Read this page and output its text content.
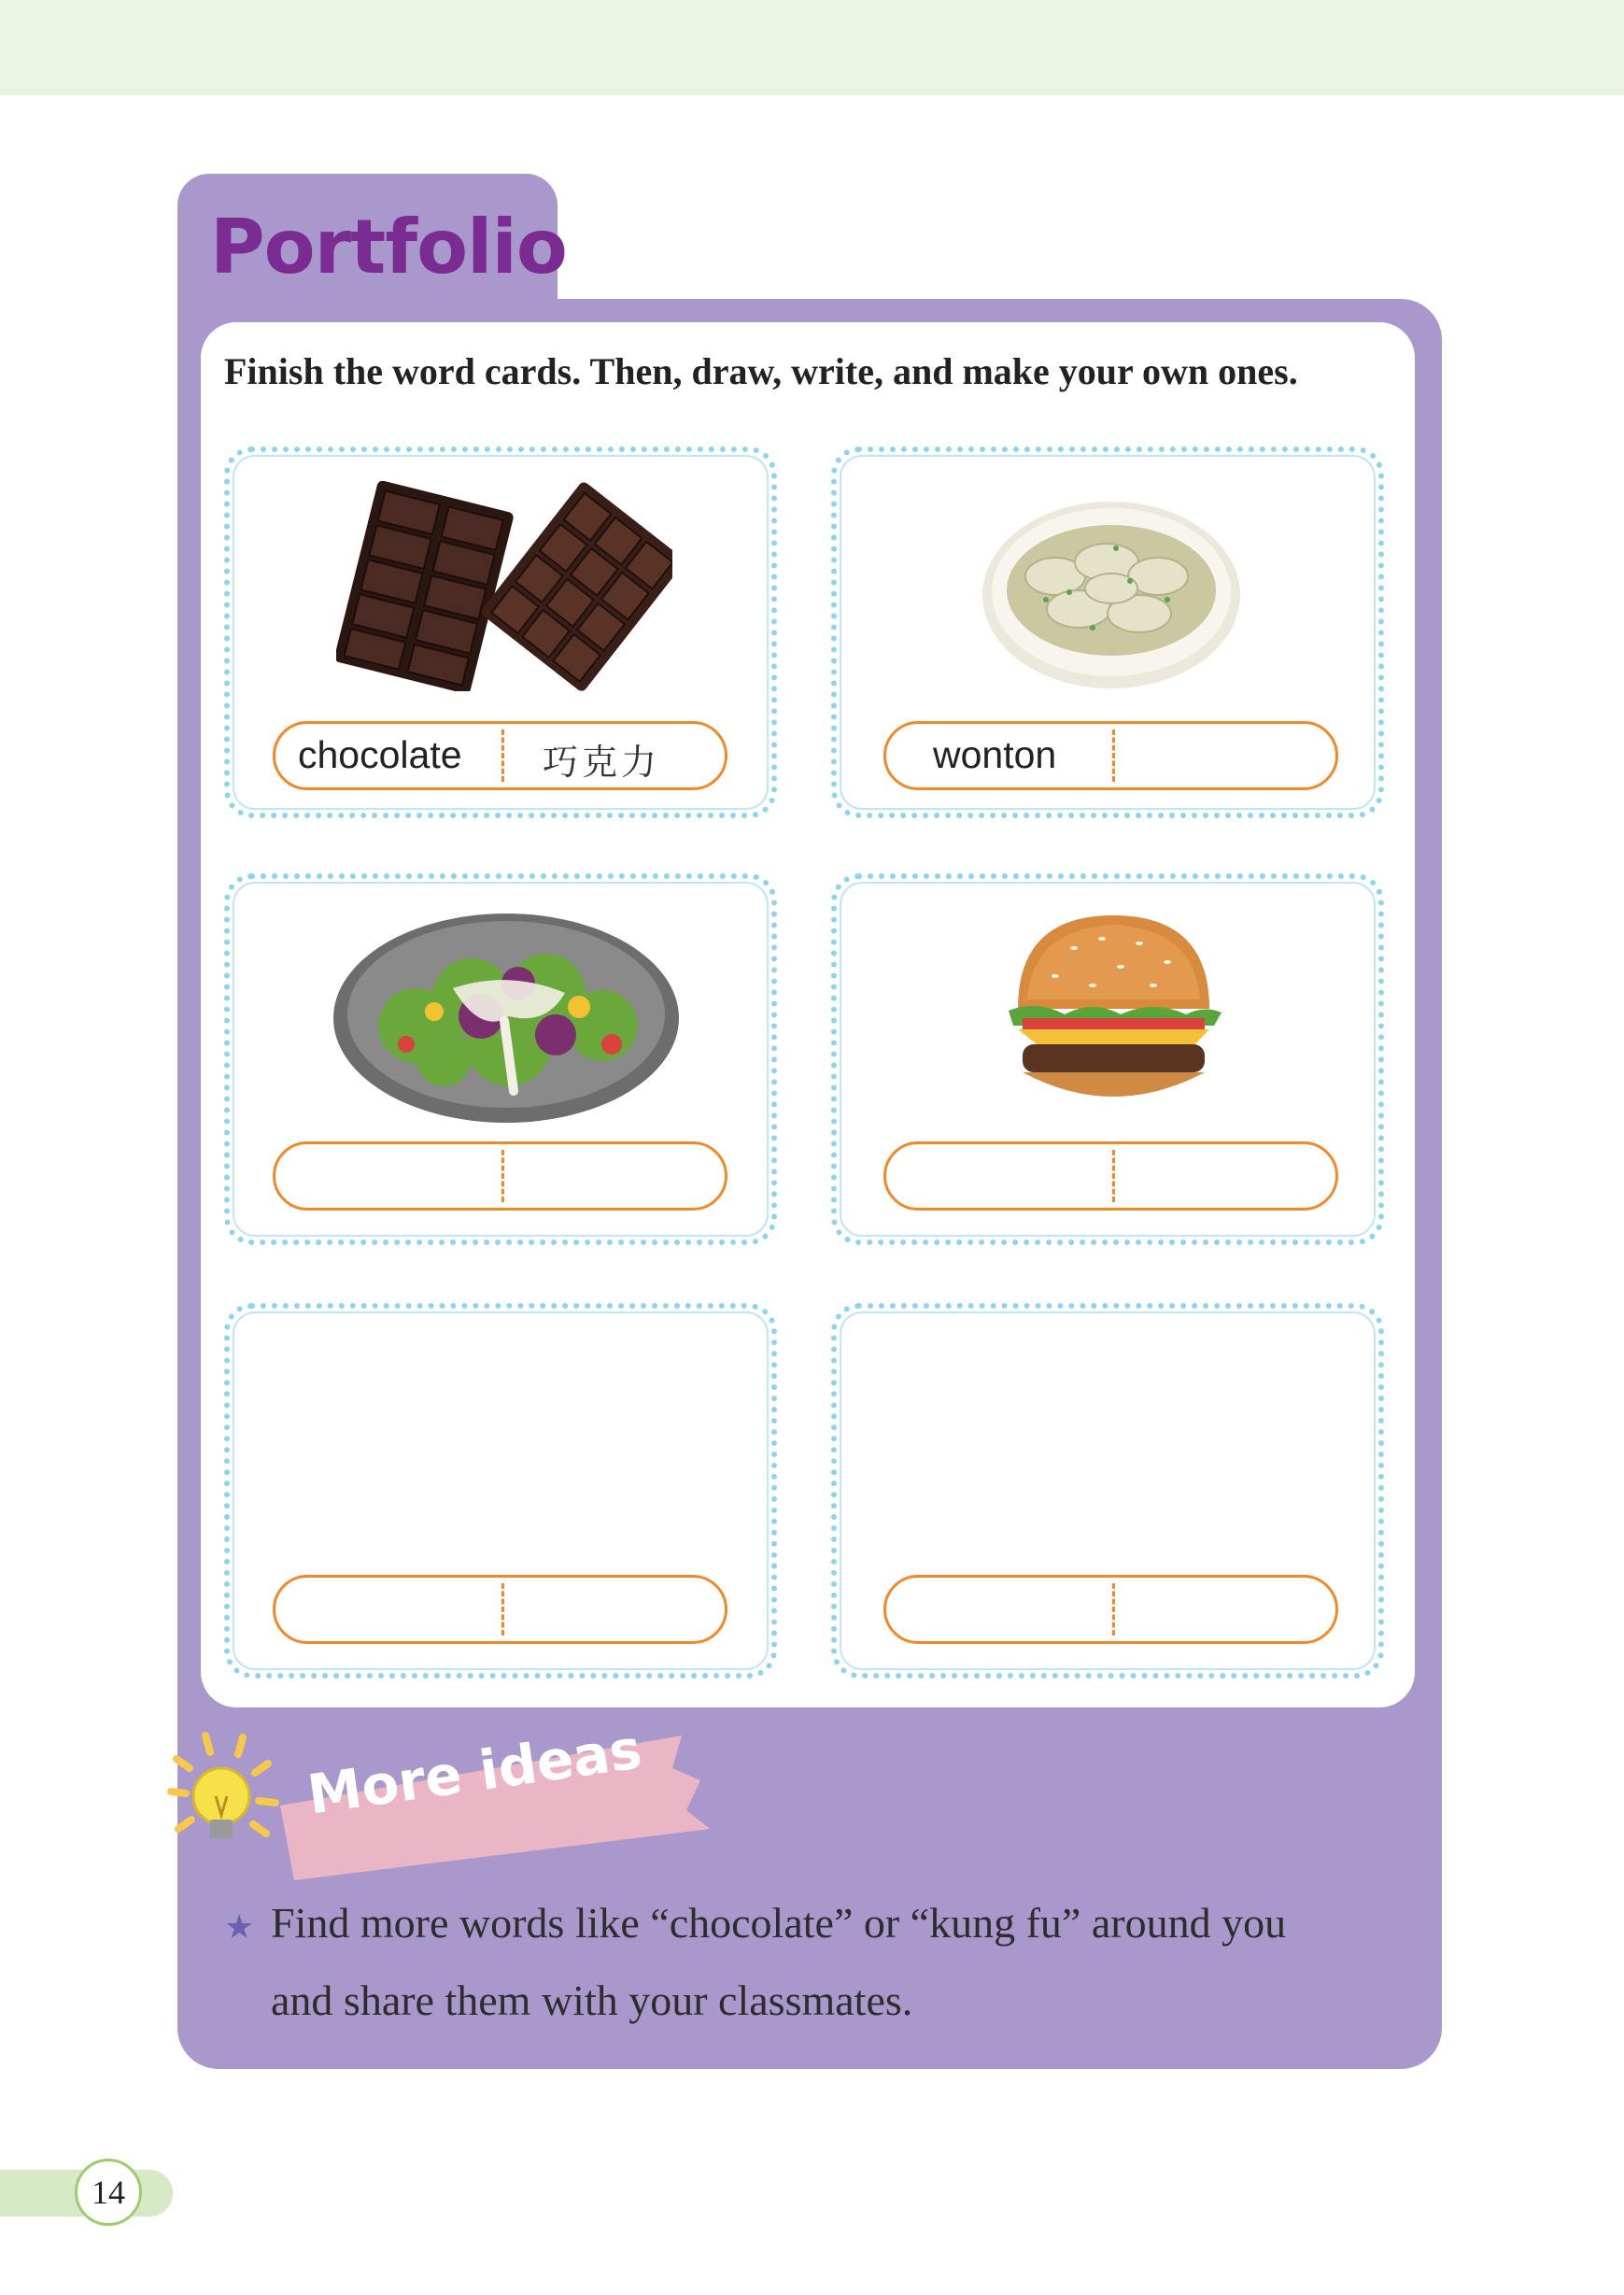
Portfolio

Finish the word cards. Then, draw, write, and make your own ones.

chocolate 巧克力	wonton

More ideas

★ Find more words like “chocolate” or “kung fu” around you

and share them with your classmates.

14
